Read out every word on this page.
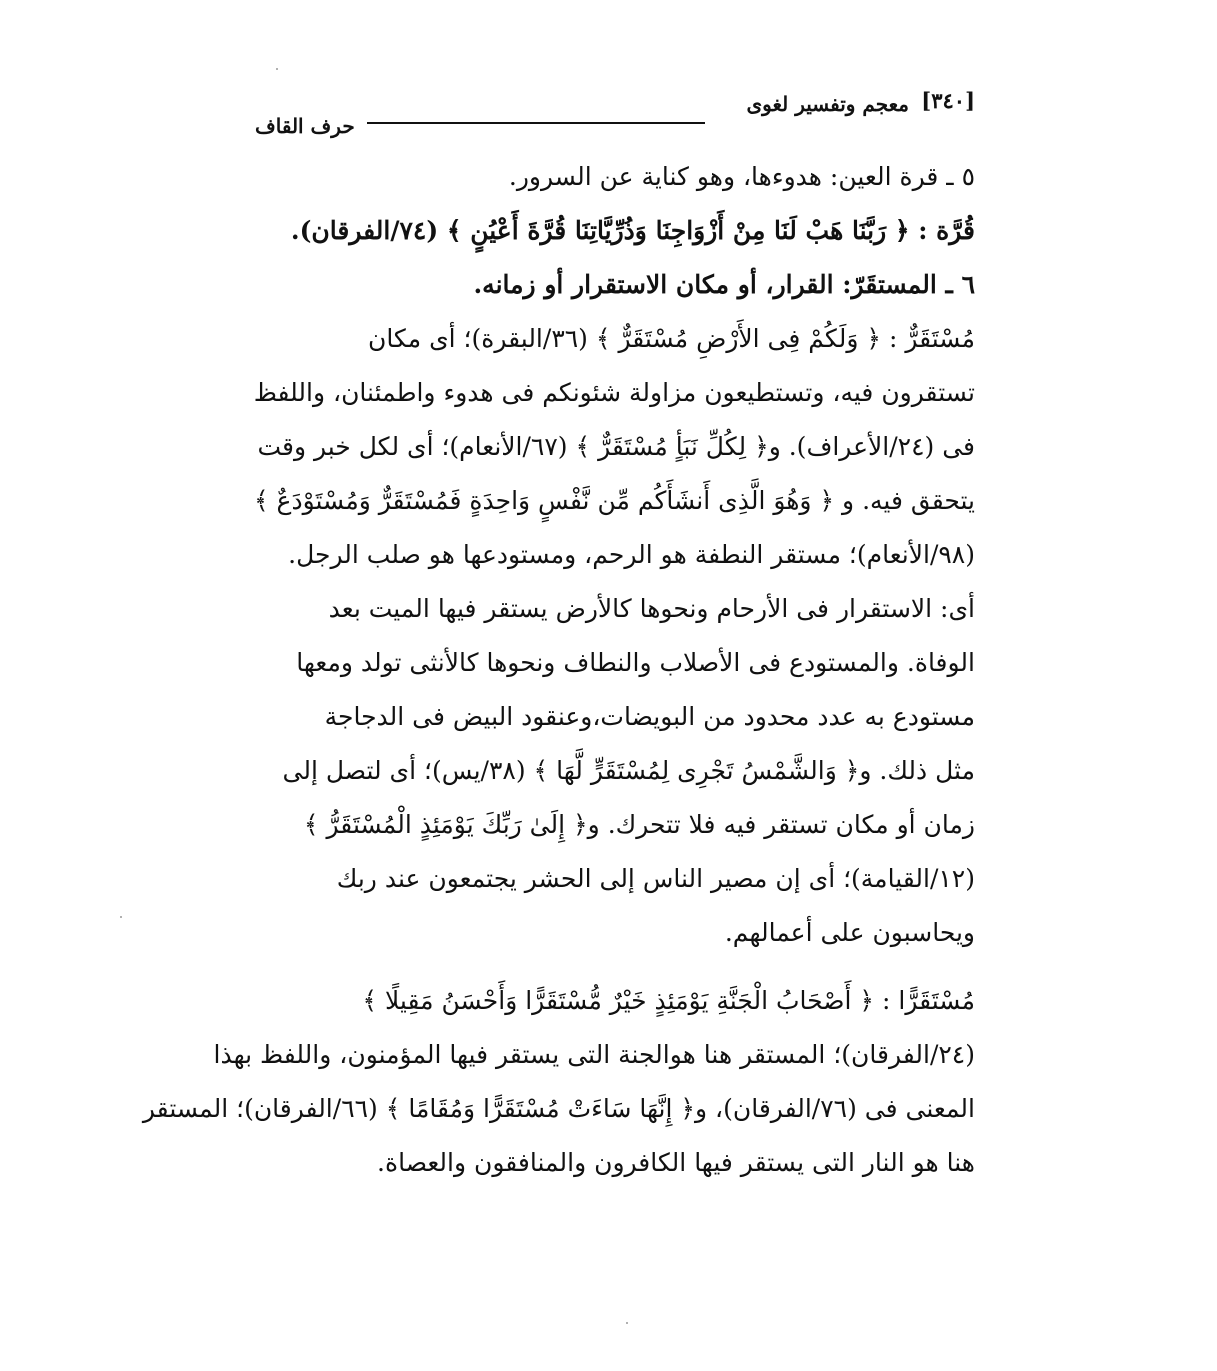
[٣٤٠]
معجم وتفسير لغوى
حرف القاف
٥ ـ قرة العين: هدوءها، وهو كناية عن السرور.
قُرَّة : ﴿ رَبَّنَا هَبْ لَنَا مِنْ أَزْوَاجِنَا وَذُرِّيَّاتِنَا قُرَّةَ أَعْيُنٍ ﴾ (٧٤/الفرقان).
٦ ـ المستقَرّ: القرار، أو مكان الاستقرار أو زمانه.
مُسْتَقَرٌّ : ﴿ وَلَكُمْ فِى الأَرْضِ مُسْتَقَرٌّ ﴾ (٣٦/البقرة)؛ أى مكان
تستقرون فيه، وتستطيعون مزاولة شئونكم فى هدوء واطمئنان، واللفظ
فى (٢٤/الأعراف). و﴿ لِكُلِّ نَبَأٍ مُسْتَقَرٌّ ﴾ (٦٧/الأنعام)؛ أى لكل خبر وقت
يتحقق فيه. و ﴿ وَهُوَ الَّذِى أَنشَأَكُم مِّن نَّفْسٍ وَاحِدَةٍ فَمُسْتَقَرٌّ وَمُسْتَوْدَعٌ ﴾
(٩٨/الأنعام)؛ مستقر النطفة هو الرحم، ومستودعها هو صلب الرجل.
أى: الاستقرار فى الأرحام ونحوها كالأرض يستقر فيها الميت بعد
الوفاة. والمستودع فى الأصلاب والنطاف ونحوها كالأنثى تولد ومعها
مستودع به عدد محدود من البويضات،وعنقود البيض فى الدجاجة
مثل ذلك. و﴿ وَالشَّمْسُ تَجْرِى لِمُسْتَقَرٍّ لَّهَا ﴾ (٣٨/يس)؛ أى لتصل إلى
زمان أو مكان تستقر فيه فلا تتحرك. و﴿ إِلَىٰ رَبِّكَ يَوْمَئِذٍ الْمُسْتَقَرُّ ﴾
(١٢/القيامة)؛ أى إن مصير الناس إلى الحشر يجتمعون عند ربك
ويحاسبون على أعمالهم.
مُسْتَقَرًّا : ﴿ أَصْحَابُ الْجَنَّةِ يَوْمَئِذٍ خَيْرٌ مُّسْتَقَرًّا وَأَحْسَنُ مَقِيلًا ﴾
(٢٤/الفرقان)؛ المستقر هنا هوالجنة التى يستقر فيها المؤمنون، واللفظ بهذا
المعنى فى (٧٦/الفرقان)، و﴿ إِنَّهَا سَاءَتْ مُسْتَقَرًّا وَمُقَامًا ﴾ (٦٦/الفرقان)؛ المستقر
هنا هو النار التى يستقر فيها الكافرون والمنافقون والعصاة.
